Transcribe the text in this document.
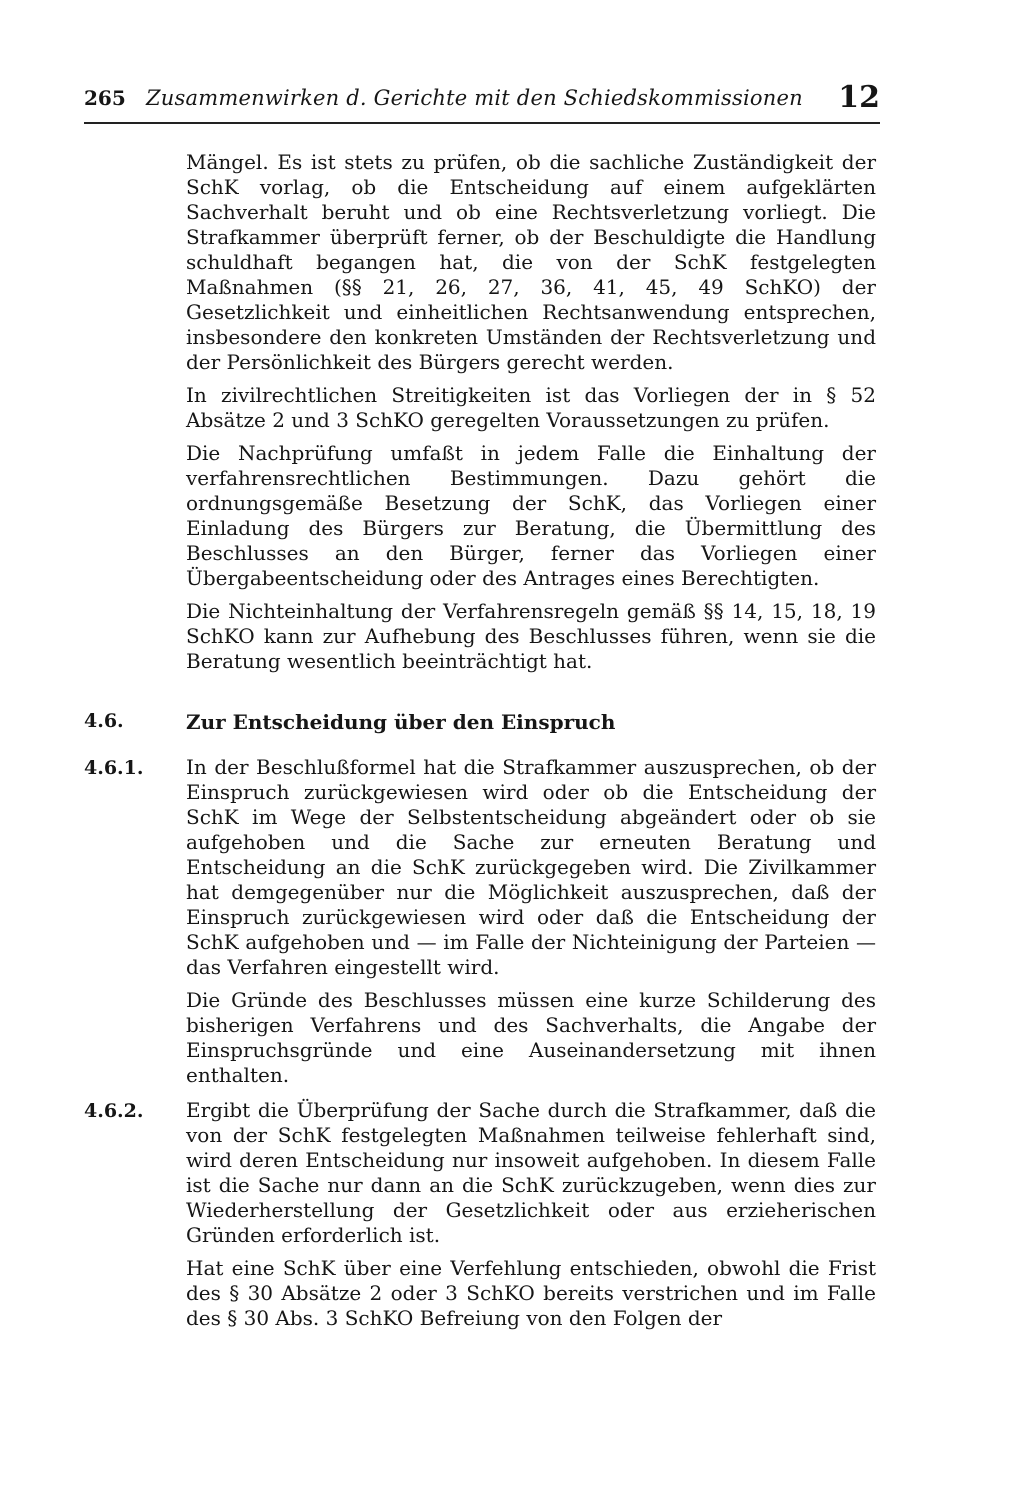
265 Zusammenwirken d. Gerichte mit den Schiedskommissionen 12

Mängel. Es ist stets zu prüfen, ob die sachliche Zuständigkeit der SchK vorlag, ob die Entscheidung auf einem aufgeklärten Sachverhalt beruht und ob eine Rechtsverletzung vorliegt. Die Strafkammer überprüft ferner, ob der Beschuldigte die Handlung schuldhaft begangen hat, die von der SchK festgelegten Maßnahmen (§§ 21, 26, 27, 36, 41, 45, 49 SchKO) der Gesetzlichkeit und einheitlichen Rechtsanwendung entsprechen, insbesondere den konkreten Umständen der Rechtsverletzung und der Persönlichkeit des Bürgers gerecht werden.

In zivilrechtlichen Streitigkeiten ist das Vorliegen der in § 52 Absätze 2 und 3 SchKO geregelten Voraussetzungen zu prüfen.

Die Nachprüfung umfaßt in jedem Falle die Einhaltung der verfahrensrechtlichen Bestimmungen. Dazu gehört die ordnungsgemäße Besetzung der SchK, das Vorliegen einer Einladung des Bürgers zur Beratung, die Übermittlung des Beschlusses an den Bürger, ferner das Vorliegen einer Übergabeentscheidung oder des Antrages eines Berechtigten.

Die Nichteinhaltung der Verfahrensregeln gemäß §§ 14, 15, 18, 19 SchKO kann zur Aufhebung des Beschlusses führen, wenn sie die Beratung wesentlich beeinträchtigt hat.

4.6.	Zur Entscheidung über den Einspruch
4.6.1. In der Beschlußformel hat die Strafkammer auszusprechen, ob der Einspruch zurückgewiesen wird oder ob die Entscheidung der SchK im Wege der Selbstentscheidung abgeändert oder ob sie aufgehoben und die Sache zur erneuten Beratung und Entscheidung an die SchK zurückgegeben wird. Die Zivilkammer hat demgegenüber nur die Möglichkeit auszusprechen, daß der Einspruch zurückgewiesen wird oder daß die Entscheidung der SchK aufgehoben und — im Falle der Nichteinigung der Parteien — das Verfahren eingestellt wird.

Die Gründe des Beschlusses müssen eine kurze Schilderung des bisherigen Verfahrens und des Sachverhalts, die Angabe der Einspruchsgründe und eine Auseinandersetzung mit ihnen enthalten.

4.6.2. Ergibt die Überprüfung der Sache durch die Strafkammer, daß die von der SchK festgelegten Maßnahmen teilweise fehlerhaft sind, wird deren Entscheidung nur insoweit aufgehoben. In diesem Falle ist die Sache nur dann an die SchK zurückzugeben, wenn dies zur Wiederherstellung der Gesetzlichkeit oder aus erzieherischen Gründen erforderlich ist.

Hat eine SchK über eine Verfehlung entschieden, obwohl die Frist des § 30 Absätze 2 oder 3 SchKO bereits verstrichen und im Falle des § 30 Abs. 3 SchKO Befreiung von den Folgen der
